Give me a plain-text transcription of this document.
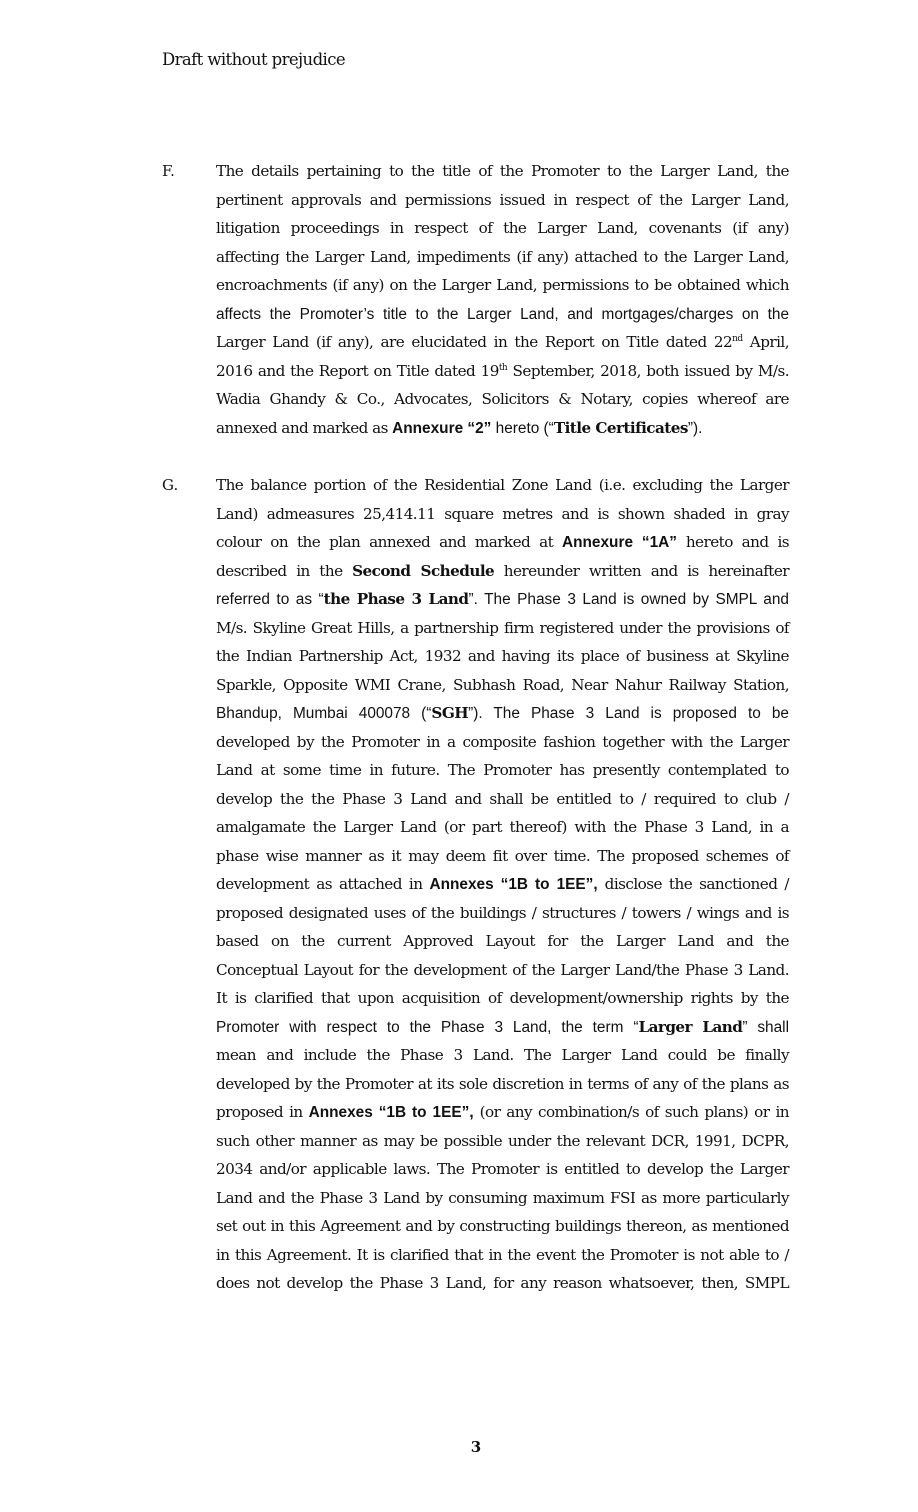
Draft without prejudice
F.	The details pertaining to the title of the Promoter to the Larger Land, the
pertinent approvals and permissions issued in respect of the Larger Land,
litigation proceedings in respect of the Larger Land, covenants (if any)
affecting the Larger Land, impediments (if any) attached to the Larger Land,
encroachments (if any) on the Larger Land, permissions to be obtained which
affects the Promoter’s title to the Larger Land, and mortgages/charges on the
Larger Land (if any), are elucidated in the Report on Title dated 22nd April,
2016 and the Report on Title dated 19th September, 2018, both issued by M/s.
Wadia Ghandy & Co., Advocates, Solicitors & Notary, copies whereof are
annexed and marked as Annexure “2” hereto (“Title Certificates”).
G. The balance portion of the Residential Zone Land (i.e. excluding the Larger
Land) admeasures 25,414.11 square metres and is shown shaded in gray
colour on the plan annexed and marked at Annexure “1A” hereto and is
described in the Second Schedule hereunder written and is hereinafter
referred to as “the Phase 3 Land”. The Phase 3 Land is owned by SMPL and
M/s. Skyline Great Hills, a partnership firm registered under the provisions of
the Indian Partnership Act, 1932 and having its place of business at Skyline
Sparkle, Opposite WMI Crane, Subhash Road, Near Nahur Railway Station,
Bhandup, Mumbai 400078 (“SGH”). The Phase 3 Land is proposed to be
developed by the Promoter in a composite fashion together with the Larger
Land at some time in future. The Promoter has presently contemplated to
develop the the Phase 3 Land and shall be entitled to / required to club /
amalgamate the Larger Land (or part thereof) with the Phase 3 Land, in a
phase wise manner as it may deem fit over time. The proposed schemes of
development as attached in Annexes “1B to 1EE”, disclose the sanctioned /
proposed designated uses of the buildings / structures / towers / wings and is
based on the current Approved Layout for the Larger Land and the
Conceptual Layout for the development of the Larger Land/the Phase 3 Land.
It is clarified that upon acquisition of development/ownership rights by the
Promoter with respect to the Phase 3 Land, the term “Larger Land” shall
mean and include the Phase 3 Land. The Larger Land could be finally
developed by the Promoter at its sole discretion in terms of any of the plans as
proposed in Annexes “1B to 1EE”, (or any combination/s of such plans) or in
such other manner as may be possible under the relevant DCR, 1991, DCPR,
2034 and/or applicable laws. The Promoter is entitled to develop the Larger
Land and the Phase 3 Land by consuming maximum FSI as more particularly
set out in this Agreement and by constructing buildings thereon, as mentioned
in this Agreement. It is clarified that in the event the Promoter is not able to /
does not develop the Phase 3 Land, for any reason whatsoever, then, SMPL
3
